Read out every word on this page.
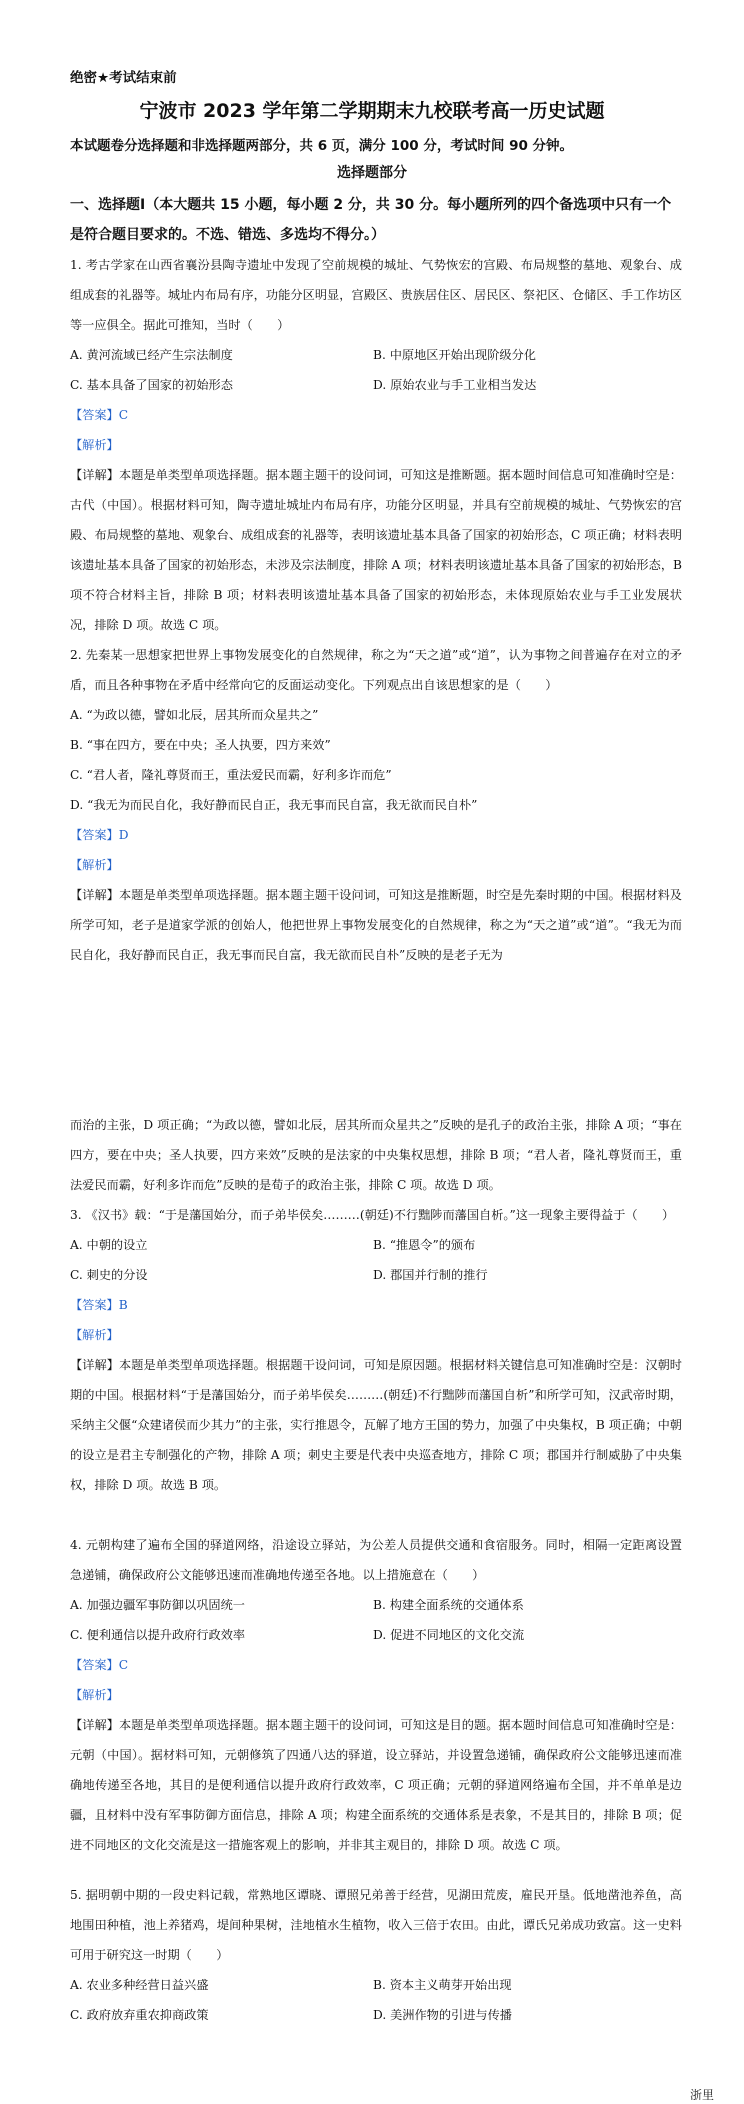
绝密★考试结束前
宁波市 2023 学年第二学期期末九校联考高一历史试题
本试题卷分选择题和非选择题两部分，共 6 页，满分 100 分，考试时间 90 分钟。
选择题部分
一、选择题Ⅰ（本大题共 15 小题，每小题 2 分，共 30 分。每小题所列的四个备选项中只有一个是符合题目要求的。不选、错选、多选均不得分。）
1. 考古学家在山西省襄汾县陶寺遗址中发现了空前规模的城址、气势恢宏的宫殿、布局规整的墓地、观象台、成组成套的礼器等。城址内布局有序，功能分区明显，宫殿区、贵族居住区、居民区、祭祀区、仓储区、手工作坊区等一应俱全。据此可推知，当时（　　）
A. 黄河流域已经产生宗法制度	B. 中原地区开始出现阶级分化
C. 基本具备了国家的初始形态	D. 原始农业与手工业相当发达
【答案】C
【解析】
【详解】本题是单类型单项选择题。据本题主题干的设问词，可知这是推断题。据本题时间信息可知准确时空是：古代（中国）。根据材料可知，陶寺遗址城址内布局有序，功能分区明显，并具有空前规模的城址、气势恢宏的宫殿、布局规整的墓地、观象台、成组成套的礼器等，表明该遗址基本具备了国家的初始形态，C 项正确；材料表明该遗址基本具备了国家的初始形态，未涉及宗法制度，排除 A 项；材料表明该遗址基本具备了国家的初始形态，B 项不符合材料主旨，排除 B 项；材料表明该遗址基本具备了国家的初始形态，未体现原始农业与手工业发展状况，排除 D 项。故选 C 项。
2. 先秦某一思想家把世界上事物发展变化的自然规律，称之为“天之道”或“道”，认为事物之间普遍存在对立的矛盾，而且各种事物在矛盾中经常向它的反面运动变化。下列观点出自该思想家的是（　　）
A. “为政以德，譬如北辰，居其所而众星共之”
B. “事在四方，要在中央；圣人执要，四方来效”
C. “君人者，隆礼尊贤而王，重法爱民而霸，好利多诈而危”
D. “我无为而民自化，我好静而民自正，我无事而民自富，我无欲而民自朴”
【答案】D
【解析】
【详解】本题是单类型单项选择题。据本题主题干设问词，可知这是推断题，时空是先秦时期的中国。根据材料及所学可知，老子是道家学派的创始人，他把世界上事物发展变化的自然规律，称之为“天之道”或“道”。“我无为而民自化，我好静而民自正，我无事而民自富，我无欲而民自朴”反映的是老子无为
而治的主张，D 项正确；“为政以德，譬如北辰，居其所而众星共之”反映的是孔子的政治主张，排除 A 项；“事在四方，要在中央；圣人执要，四方来效”反映的是法家的中央集权思想，排除 B 项；“君人者，隆礼尊贤而王，重法爱民而霸，好利多诈而危”反映的是荀子的政治主张，排除 C 项。故选 D 项。
3. 《汉书》载：“于是藩国始分，而子弟毕侯矣………(朝廷)不行黜陟而藩国自析。”这一现象主要得益于（　　）
A. 中朝的设立	B. “推恩令”的颁布
C. 刺史的分设	D. 郡国并行制的推行
【答案】B
【解析】
【详解】本题是单类型单项选择题。根据题干设问词，可知是原因题。根据材料关键信息可知准确时空是：汉朝时期的中国。根据材料“于是藩国始分，而子弟毕侯矣………(朝廷)不行黜陟而藩国自析”和所学可知，汉武帝时期，采纳主父偃“众建诸侯而少其力”的主张，实行推恩令，瓦解了地方王国的势力，加强了中央集权，B 项正确；中朝的设立是君主专制强化的产物，排除 A 项；刺史主要是代表中央巡查地方，排除 C 项；郡国并行制威胁了中央集权，排除 D 项。故选 B 项。
4. 元朝构建了遍布全国的驿道网络，沿途设立驿站，为公差人员提供交通和食宿服务。同时，相隔一定距离设置急递铺，确保政府公文能够迅速而准确地传递至各地。以上措施意在（　　）
A. 加强边疆军事防御以巩固统一	B. 构建全面系统的交通体系
C. 便利通信以提升政府行政效率	D. 促进不同地区的文化交流
【答案】C
【解析】
【详解】本题是单类型单项选择题。据本题主题干的设问词，可知这是目的题。据本题时间信息可知准确时空是：元朝（中国）。据材料可知，元朝修筑了四通八达的驿道，设立驿站，并设置急递铺，确保政府公文能够迅速而准确地传递至各地，其目的是便利通信以提升政府行政效率，C 项正确；元朝的驿道网络遍布全国，并不单单是边疆，且材料中没有军事防御方面信息，排除 A 项；构建全面系统的交通体系是表象，不是其目的，排除 B 项；促进不同地区的文化交流是这一措施客观上的影响，并非其主观目的，排除 D 项。故选 C 项。
5. 据明朝中期的一段史料记载，常熟地区谭晓、谭照兄弟善于经营，见湖田荒废，雇民开垦。低地凿池养鱼，高地围田种植，池上养猪鸡，堤间种果树，洼地植水生植物，收入三倍于农田。由此，谭氏兄弟成功致富。这一史料可用于研究这一时期（　　）
A. 农业多种经营日益兴盛	B. 资本主义萌芽开始出现
C. 政府放弃重农抑商政策	D. 美洲作物的引进与传播
浙里
